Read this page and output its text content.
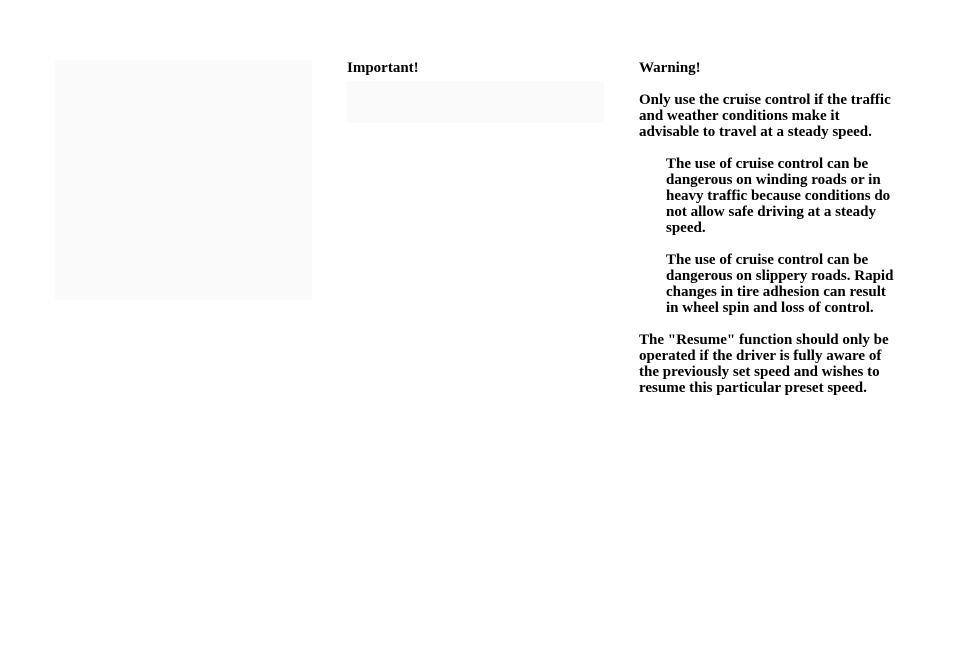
Important!	Warning!

Only use the cruise control if the traffic and weather conditions make it advisable to travel at a steady speed.

The use of cruise control can be dangerous on winding roads or in heavy traffic because conditions do not allow safe driving at a steady speed.

The use of cruise control can be dangerous on slippery roads. Rapid changes in tire adhesion can result in wheel spin and loss of control.

The "Resume" function should only be operated if the driver is fully aware of the previously set speed and wishes to resume this particular preset speed.
